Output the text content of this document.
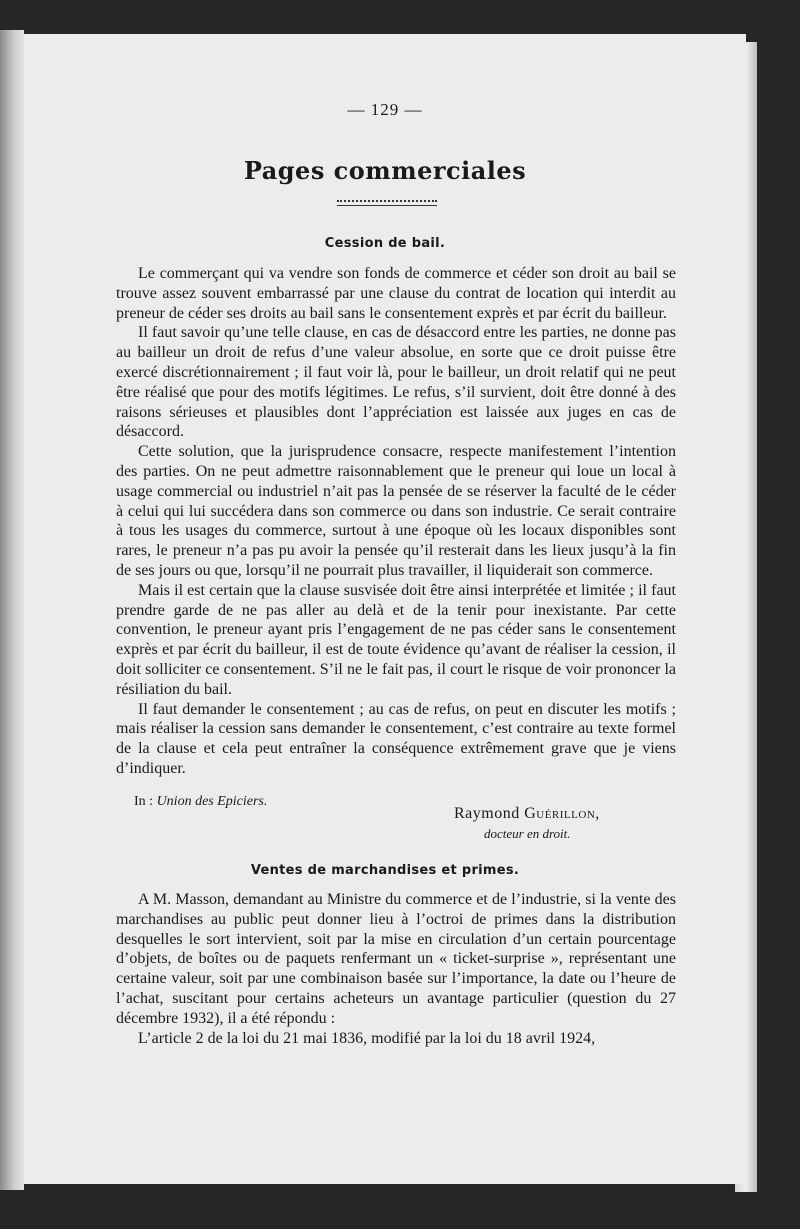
— 129 —
Pages commerciales
Cession de bail.

Le commerçant qui va vendre son fonds de commerce et céder son droit au bail se trouve assez souvent embarrassé par une clause du contrat de location qui interdit au preneur de céder ses droits au bail sans le consentement exprès et par écrit du bailleur.

Il faut savoir qu’une telle clause, en cas de désaccord entre les parties, ne donne pas au bailleur un droit de refus d’une valeur absolue, en sorte que ce droit puisse être exercé discrétionnairement ; il faut voir là, pour le bailleur, un droit relatif qui ne peut être réalisé que pour des motifs légitimes. Le refus, s’il survient, doit être donné à des raisons sérieuses et plausibles dont l’appréciation est laissée aux juges en cas de désaccord.

Cette solution, que la jurisprudence consacre, respecte manifestement l’intention des parties. On ne peut admettre raisonnablement que le preneur qui loue un local à usage commercial ou industriel n’ait pas la pensée de se réserver la faculté de le céder à celui qui lui succédera dans son commerce ou dans son industrie. Ce serait contraire à tous les usages du commerce, surtout à une époque où les locaux disponibles sont rares, le preneur n’a pas pu avoir la pensée qu’il resterait dans les lieux jusqu’à la fin de ses jours ou que, lorsqu’il ne pourrait plus travailler, il liquiderait son commerce.

Mais il est certain que la clause susvisée doit être ainsi interprétée et limitée ; il faut prendre garde de ne pas aller au delà et de la tenir pour inexistante. Par cette convention, le preneur ayant pris l’engagement de ne pas céder sans le consentement exprès et par écrit du bailleur, il est de toute évidence qu’avant de réaliser la cession, il doit solliciter ce consentement. S’il ne le fait pas, il court le risque de voir prononcer la résiliation du bail.

Il faut demander le consentement ; au cas de refus, on peut en discuter les motifs ; mais réaliser la cession sans demander le consentement, c’est contraire au texte formel de la clause et cela peut entraîner la conséquence extrêmement grave que je viens d’indiquer.

In : Union des Epiciers.
Raymond Guérillon,
docteur en droit.
Ventes de marchandises et primes.

A M. Masson, demandant au Ministre du commerce et de l’industrie, si la vente des marchandises au public peut donner lieu à l’octroi de primes dans la distribution desquelles le sort intervient, soit par la mise en circulation d’un certain pourcentage d’objets, de boîtes ou de paquets renfermant un « ticket-surprise », représentant une certaine valeur, soit par une combinaison basée sur l’importance, la date ou l’heure de l’achat, suscitant pour certains acheteurs un avantage particulier (question du 27 décembre 1932), il a été répondu :

L’article 2 de la loi du 21 mai 1836, modifié par la loi du 18 avril 1924,
